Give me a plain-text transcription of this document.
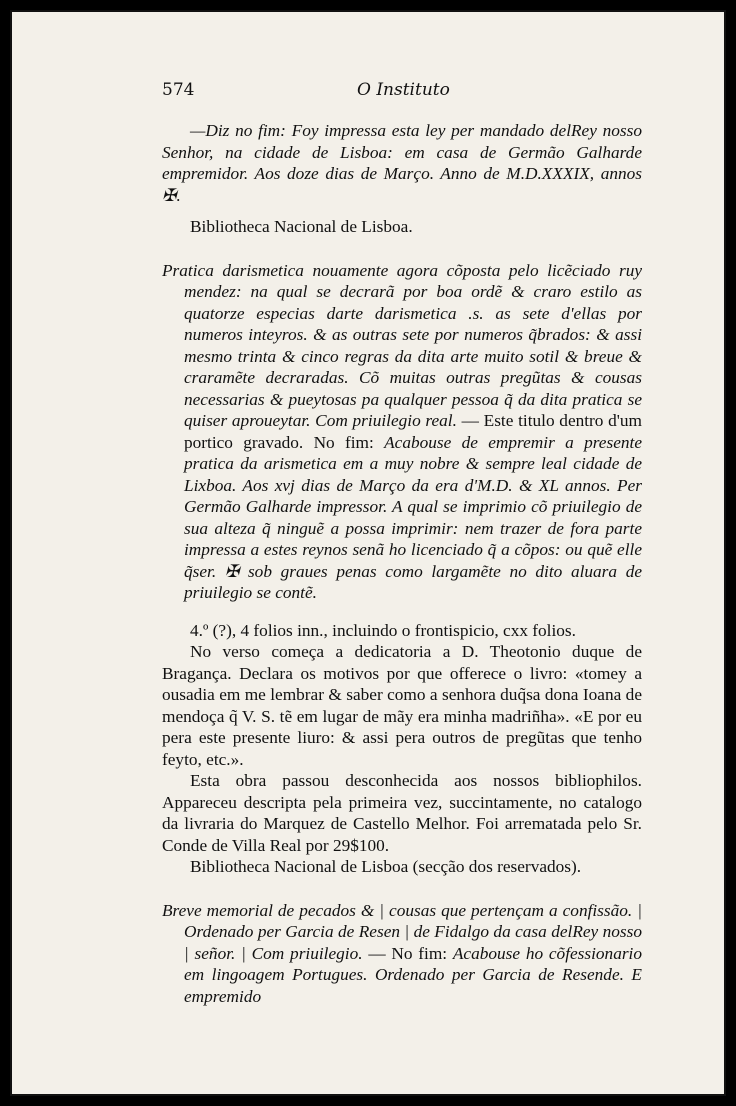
574	O Instituto

—Diz no fim: Foy impressa esta ley per mandado delRey nosso Senhor, na cidade de Lisboa: em casa de Germão Galharde empremidor. Aos doze dias de Março. Anno de M.D.XXXIX, annos ✠.

Bibliotheca Nacional de Lisboa.

Pratica darismetica nouamente agora cõposta pelo licẽciado ruy mendez: na qual se decrarã por boa ordẽ & craro estilo as quatorze especias darte darismetica .s. as sete d'ellas por numeros inteyros. & as outras sete por numeros q̃brados: & assi mesmo trinta & cinco regras da dita arte muito sotil & breue & craramẽte decraradas. Cõ muitas outras pregũtas & cousas necessarias & pueytosas pa qualquer pessoa q̃ da dita pratica se quiser aproueytar. Com priuilegio real. — Este titulo dentro d'um portico gravado. No fim: Acabouse de empremir a presente pratica da arismetica em a muy nobre & sempre leal cidade de Lixboa. Aos xvj dias de Março da era d'M.D. & XL annos. Per Germão Galharde impressor. A qual se imprimio cõ priuilegio de sua alteza q̃ ninguẽ a possa imprimir: nem trazer de fora parte impressa a estes reynos senã ho licenciado q̃ a cõpos: ou quẽ elle q̃ser. ✠ sob graues penas como largamẽte no dito aluara de priuilegio se contẽ.

4.º (?), 4 folios inn., incluindo o frontispicio, cxx folios.

No verso começa a dedicatoria a D. Theotonio duque de Bragança. Declara os motivos por que offerece o livro: «tomey a ousadia em me lembrar & saber como a senhora duq̃sa dona Ioana de mendoça q̃ V. S. tẽ em lugar de mãy era minha madriñha». «E por eu pera este presente liuro: & assi pera outros de pregũtas que tenho feyto, etc.».

Esta obra passou desconhecida aos nossos bibliophilos. Appareceu descripta pela primeira vez, succintamente, no catalogo da livraria do Marquez de Castello Melhor. Foi arrematada pelo Sr. Conde de Villa Real por 29$100.

Bibliotheca Nacional de Lisboa (secção dos reservados).

Breve memorial de pecados & | cousas que pertençam a confissão. | Ordenado per Garcia de Resen | de Fidalgo da casa delRey nosso | señor. | Com priuilegio. — No fim: Acabouse ho cõfessionario em lingoagem Portugues. Ordenado per Garcia de Resende. E empremido
